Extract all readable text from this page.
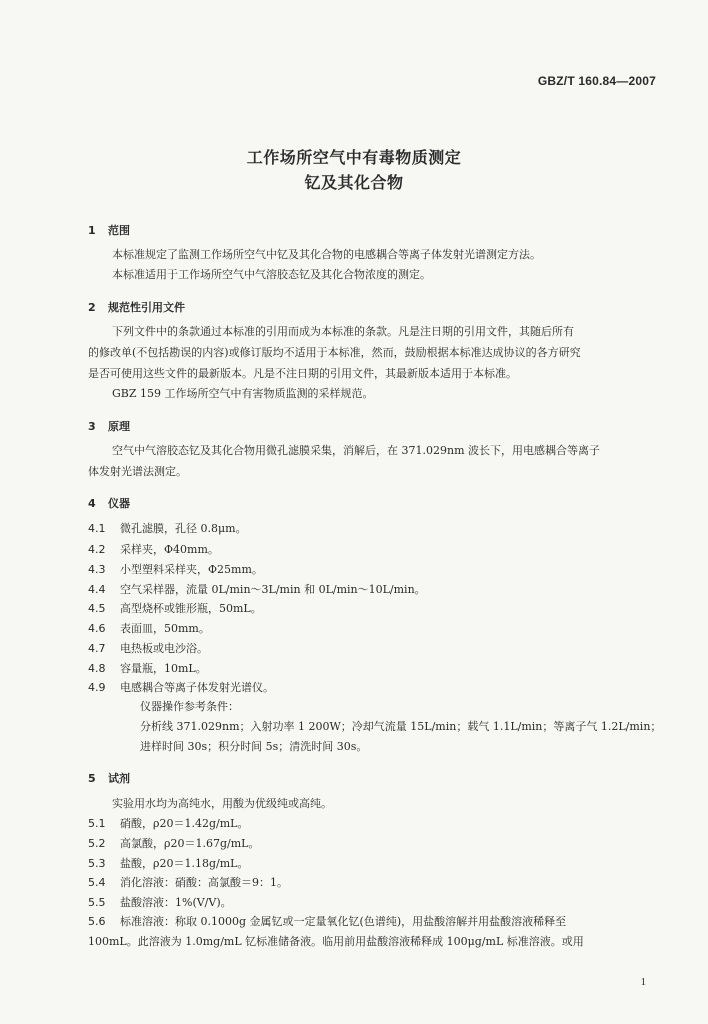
GBZ/T 160.84—2007
工作场所空气中有毒物质测定
钇及其化合物
1 范围
本标准规定了监测工作场所空气中钇及其化合物的电感耦合等离子体发射光谱测定方法。
本标准适用于工作场所空气中气溶胶态钇及其化合物浓度的测定。
2 规范性引用文件
下列文件中的条款通过本标准的引用而成为本标准的条款。凡是注日期的引用文件，其随后所有
的修改单(不包括勘误的内容)或修订版均不适用于本标准，然而，鼓励根据本标准达成协议的各方研究
是否可使用这些文件的最新版本。凡是不注日期的引用文件，其最新版本适用于本标准。
GBZ 159 工作场所空气中有害物质监测的采样规范。
3 原理
空气中气溶胶态钇及其化合物用微孔滤膜采集，消解后，在 371.029nm 波长下，用电感耦合等离子
体发射光谱法测定。
4 仪器
4.1 微孔滤膜，孔径 0.8μm。
4.2 采样夹，Φ40mm。
4.3 小型塑料采样夹，Φ25mm。
4.4 空气采样器，流量 0L/min～3L/min 和 0L/min～10L/min。
4.5 高型烧杯或锥形瓶，50mL。
4.6 表面皿，50mm。
4.7 电热板或电沙浴。
4.8 容量瓶，10mL。
4.9 电感耦合等离子体发射光谱仪。
仪器操作参考条件：
分析线 371.029nm；入射功率 1 200W；冷却气流量 15L/min；载气 1.1L/min；等离子气 1.2L/min；
进样时间 30s；积分时间 5s；清洗时间 30s。
5 试剂
实验用水均为高纯水，用酸为优级纯或高纯。
5.1 硝酸，ρ20＝1.42g/mL。
5.2 高氯酸，ρ20＝1.67g/mL。
5.3 盐酸，ρ20＝1.18g/mL。
5.4 消化溶液：硝酸：高氯酸＝9：1。
5.5 盐酸溶液：1%(V/V)。
5.6 标准溶液：称取 0.1000g 金属钇或一定量氧化钇(色谱纯)，用盐酸溶解并用盐酸溶液稀释至
100mL。此溶液为 1.0mg/mL 钇标准储备液。临用前用盐酸溶液稀释成 100μg/mL 标准溶液。或用
1
